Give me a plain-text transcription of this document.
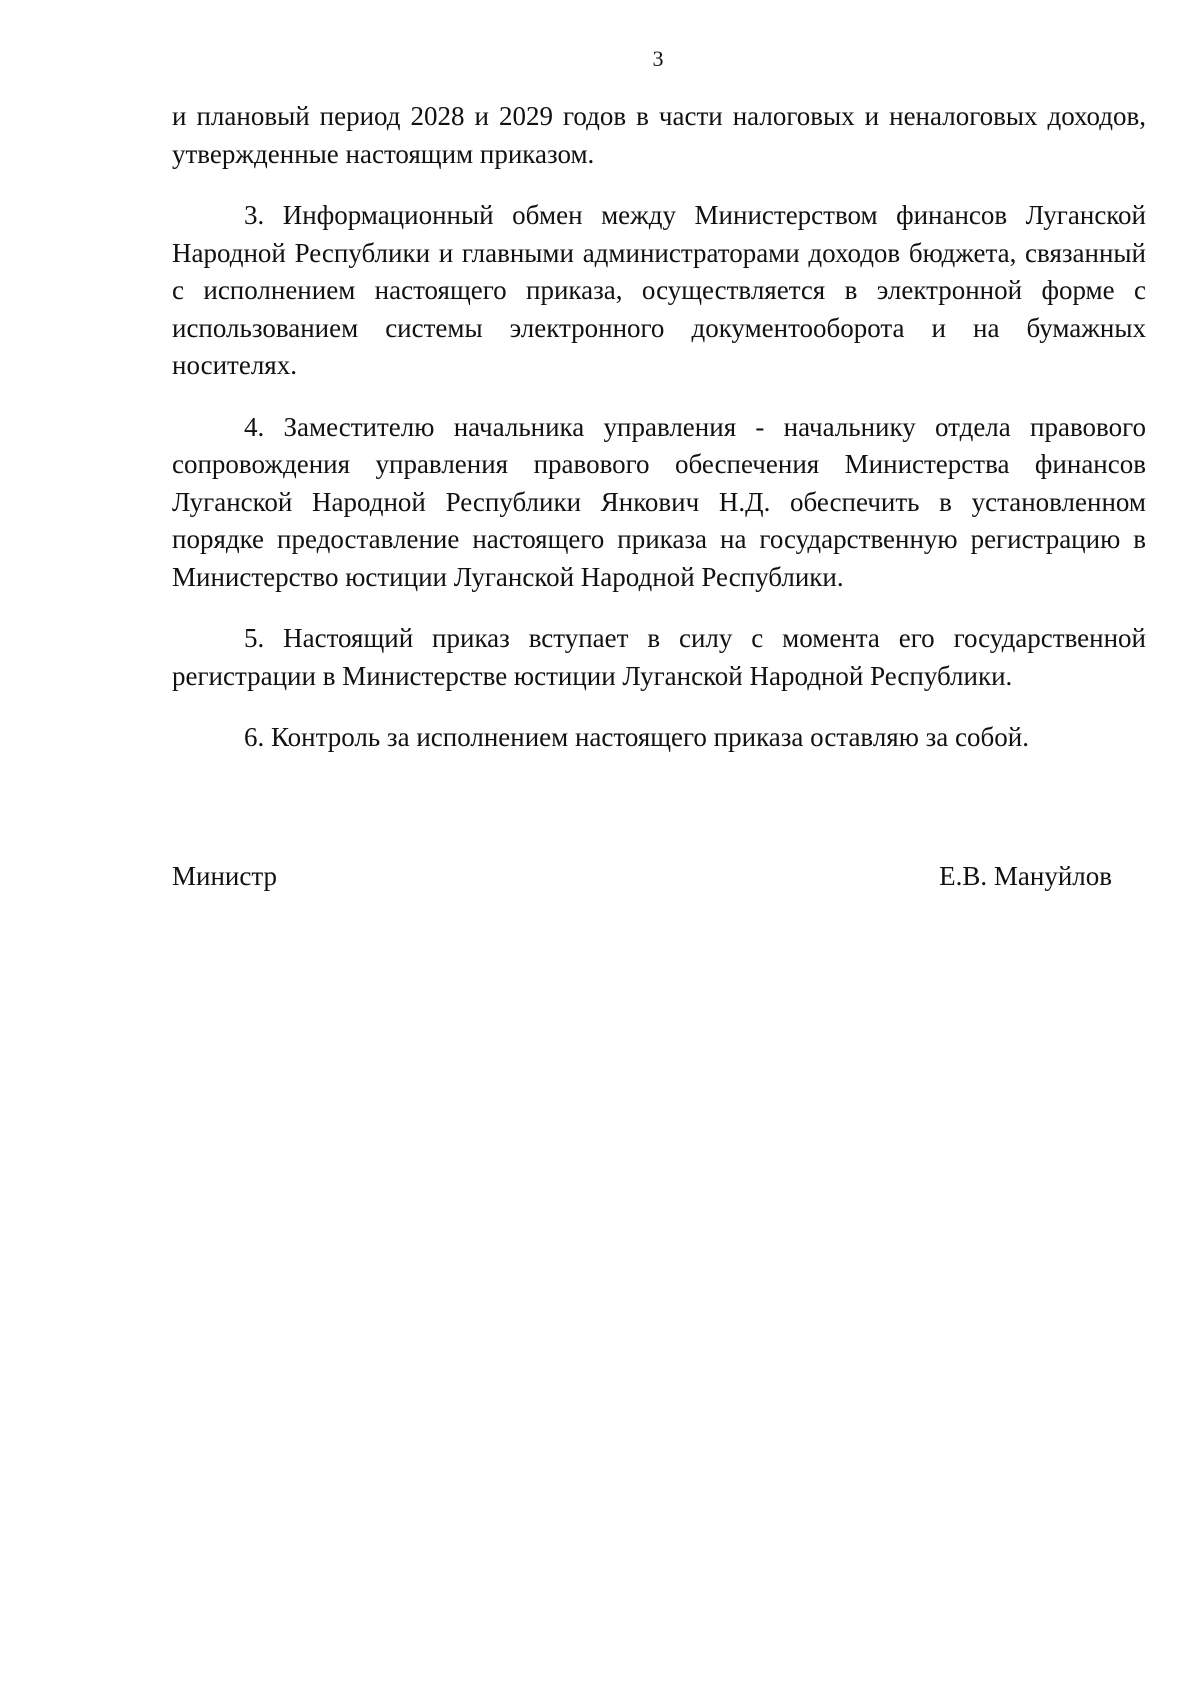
3

и плановый период 2028 и 2029 годов в части налоговых и неналоговых доходов, утвержденные настоящим приказом.

3. Информационный обмен между Министерством финансов Луганской Народной Республики и главными администраторами доходов бюджета, связанный с исполнением настоящего приказа, осуществляется в электронной форме с использованием системы электронного документооборота и на бумажных носителях.

4. Заместителю начальника управления - начальнику отдела правового сопровождения управления правового обеспечения Министерства финансов Луганской Народной Республики Янкович Н.Д. обеспечить в установленном порядке предоставление настоящего приказа на государственную регистрацию в Министерство юстиции Луганской Народной Республики.

5. Настоящий приказ вступает в силу с момента его государственной регистрации в Министерстве юстиции Луганской Народной Республики.

6. Контроль за исполнением настоящего приказа оставляю за собой.

Министр	Е.В. Мануйлов
